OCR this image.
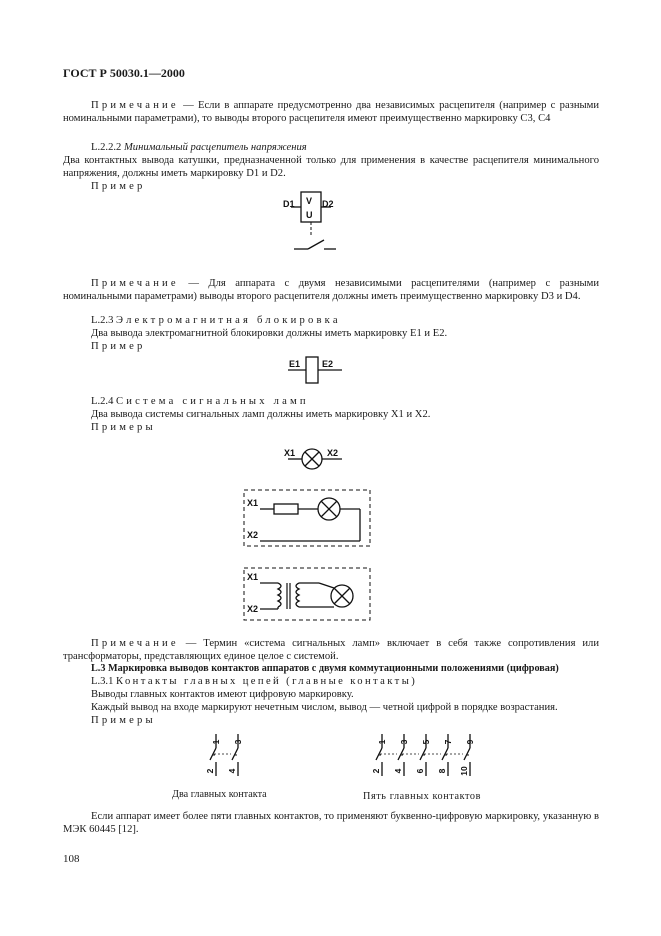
ГОСТ Р 50030.1—2000
Примечание — Если в аппарате предусмотренно два независимых расцепителя (например с разными номинальными параметрами), то выводы второго расцепителя имеют преимущественно маркировку С3, С4
L.2.2.2 Минимальный расцепитель напряжения
Два контактных вывода катушки, предназначенной только для применения в качестве расцепителя минимального напряжения, должны иметь маркировку D1 и D2.
Пример
D1	D2
V
U
Примечание — Для аппарата с двумя независимыми расцепителями (например с разными номинальными параметрами) выводы второго расцепителя должны иметь преимущественно маркировку D3 и D4.
L.2.3 Электромагнитная блокировка
Два вывода электромагнитной блокировки должны иметь маркировку Е1 и Е2.
Пример
E1 E2
L.2.4 Система сигнальных ламп
Два вывода системы сигнальных ламп должны иметь маркировку Х1 и Х2.
Примеры
X1	X2
X1
X2
X1
X2
Примечание — Термин «система сигнальных ламп» включает в себя также сопротивления или трансформаторы, представляющих единое целое с системой.
L.3 Маркировка выводов контактов аппаратов с двумя коммутационными положениями (цифровая)
L.3.1 Контакты главных цепей (главные контакты)
Выводы главных контактов имеют цифровую маркировку.
Каждый вывод на входе маркируют нечетным числом, вывод — четной цифрой в порядке возрастания.
Примеры
1
2
3
4
1
2
3
4
5
6
7
8
9
10
Два главных контакта	Пять главных контактов
Если аппарат имеет более пяти главных контактов, то применяют буквенно-цифровую маркировку, указанную в МЭК 60445 [12].
108
